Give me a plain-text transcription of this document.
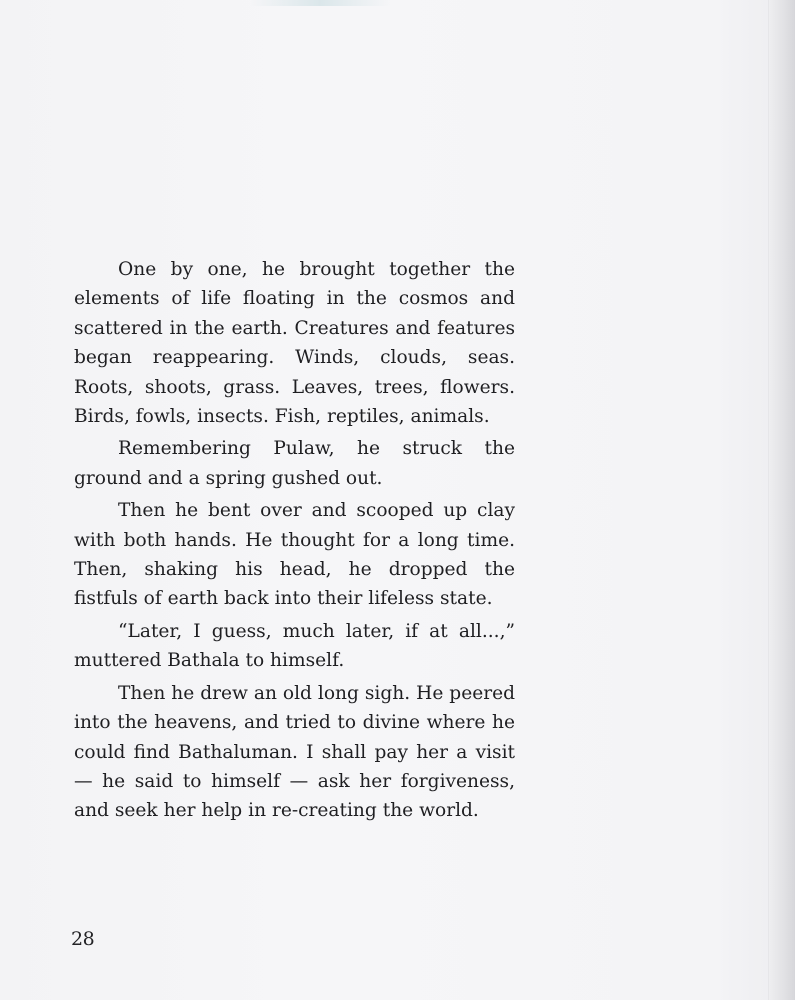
One by one, he brought together the elements of life floating in the cosmos and scattered in the earth. Creatures and features began reappearing. Winds, clouds, seas. Roots, shoots, grass. Leaves, trees, flowers. Birds, fowls, insects. Fish, reptiles, animals.

Remembering Pulaw, he struck the ground and a spring gushed out.

Then he bent over and scooped up clay with both hands. He thought for a long time. Then, shaking his head, he dropped the fistfuls of earth back into their lifeless state.

“Later, I guess, much later, if at all...,” muttered Bathala to himself.

Then he drew an old long sigh. He peered into the heavens, and tried to divine where he could find Bathaluman. I shall pay her a visit — he said to himself — ask her forgiveness, and seek her help in re-creating the world.

28
